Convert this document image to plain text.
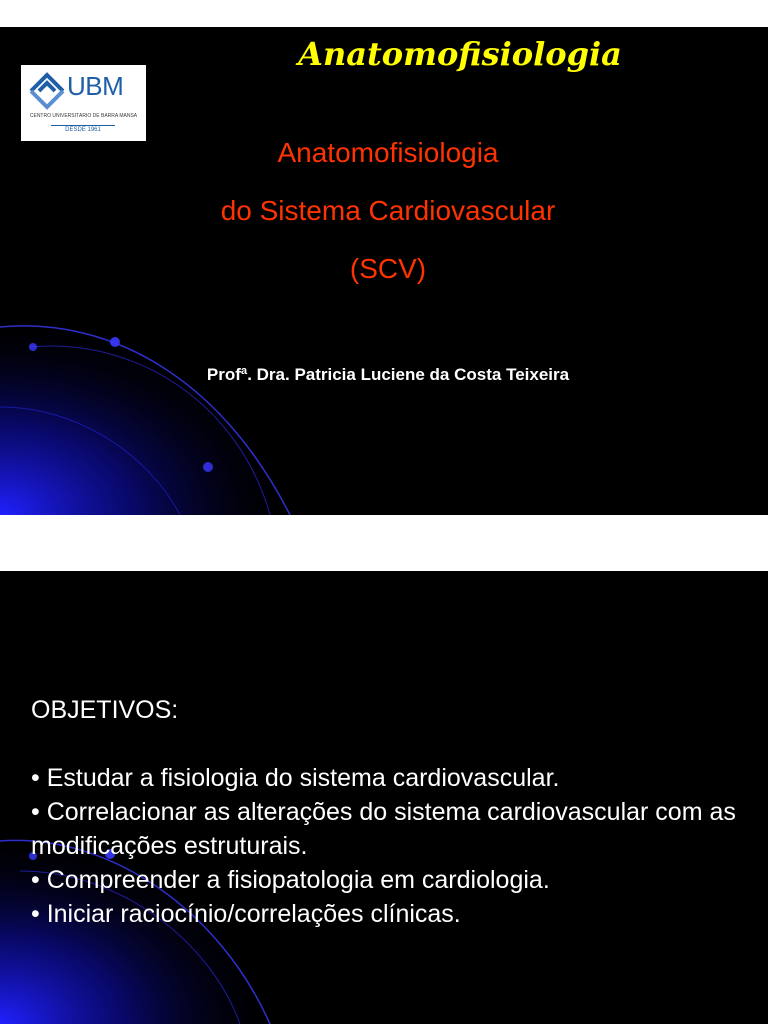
Anatomofisiologia
UBM
CENTRO UNIVERSITÁRIO DE BARRA MANSA
DESDE 1961
Anatomofisiologia
do Sistema Cardiovascular
(SCV)
Profª. Dra. Patricia Luciene da Costa Teixeira
OBJETIVOS:

• Estudar a fisiologia do sistema cardiovascular.

• Correlacionar as alterações do sistema cardiovascular com as modificações estruturais.

• Compreender a fisiopatologia em cardiologia.

• Iniciar raciocínio/correlações clínicas.
